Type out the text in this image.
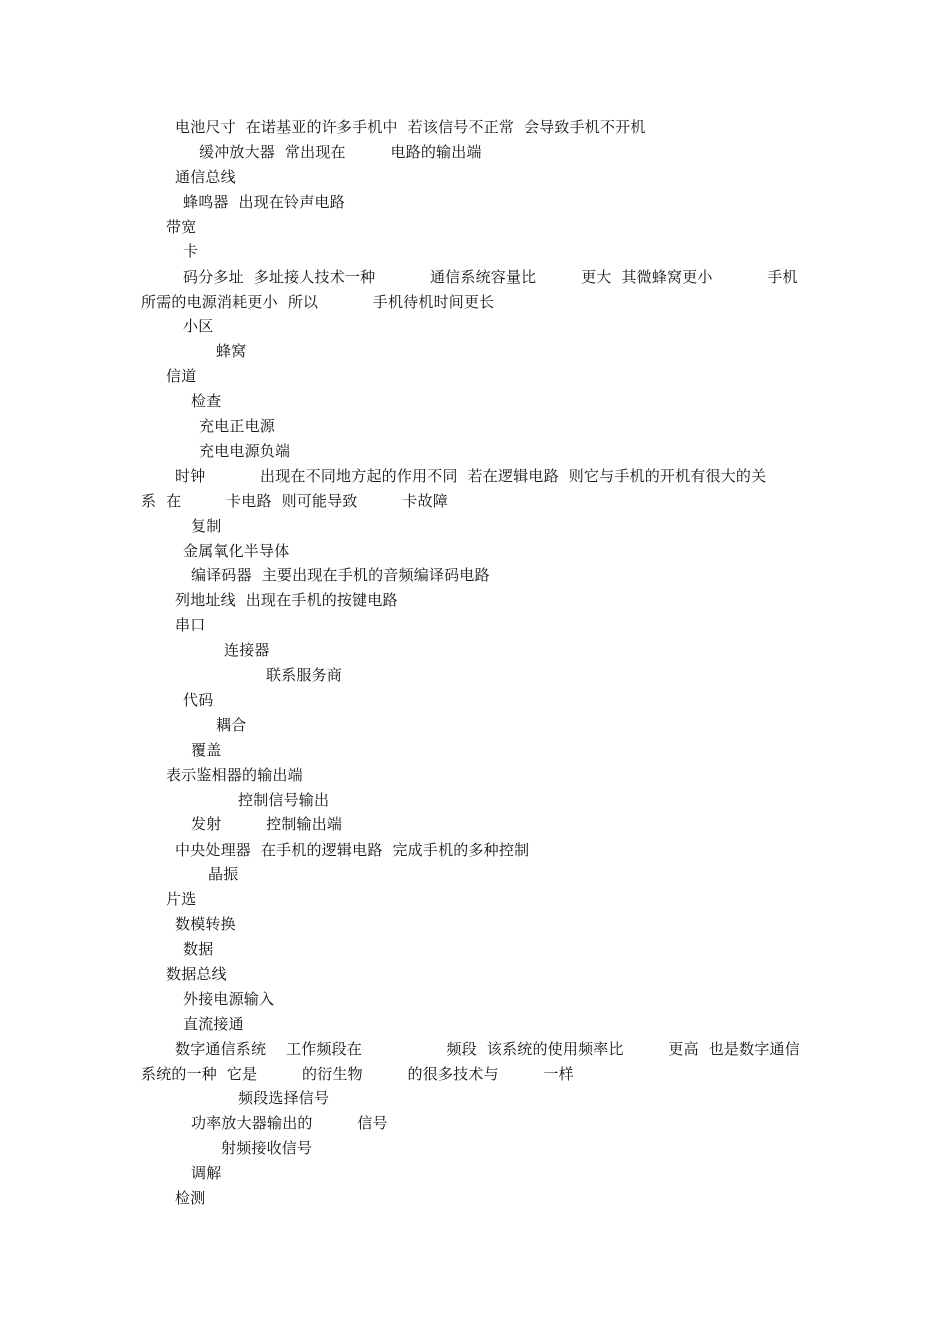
电池尺寸  在诺基亚的许多手机中  若该信号不正常  会导致手机不开机
缓冲放大器  常出现在         电路的输出端
通信总线
蜂鸣器  出现在铃声电路
带宽
卡
码分多址  多址接人技术一种           通信系统容量比         更大  其微蜂窝更小           手机
所需的电源消耗更小  所以           手机待机时间更长
小区
蜂窝
信道
检查
充电正电源
充电电源负端
时钟           出现在不同地方起的作用不同  若在逻辑电路  则它与手机的开机有很大的关
系  在         卡电路  则可能导致         卡故障
复制
金属氧化半导体
编译码器  主要出现在手机的音频编译码电路
列地址线  出现在手机的按键电路
串口
连接器
联系服务商
代码
耦合
覆盖
表示鉴相器的输出端
控制信号输出
发射         控制输出端
中央处理器  在手机的逻辑电路  完成手机的多种控制
晶振
片选
数模转换
数据
数据总线
外接电源输入
直流接通
数字通信系统    工作频段在                 频段  该系统的使用频率比         更高  也是数字通信
系统的一种  它是         的衍生物         的很多技术与         一样
频段选择信号
功率放大器输出的         信号
射频接收信号
调解
检测
